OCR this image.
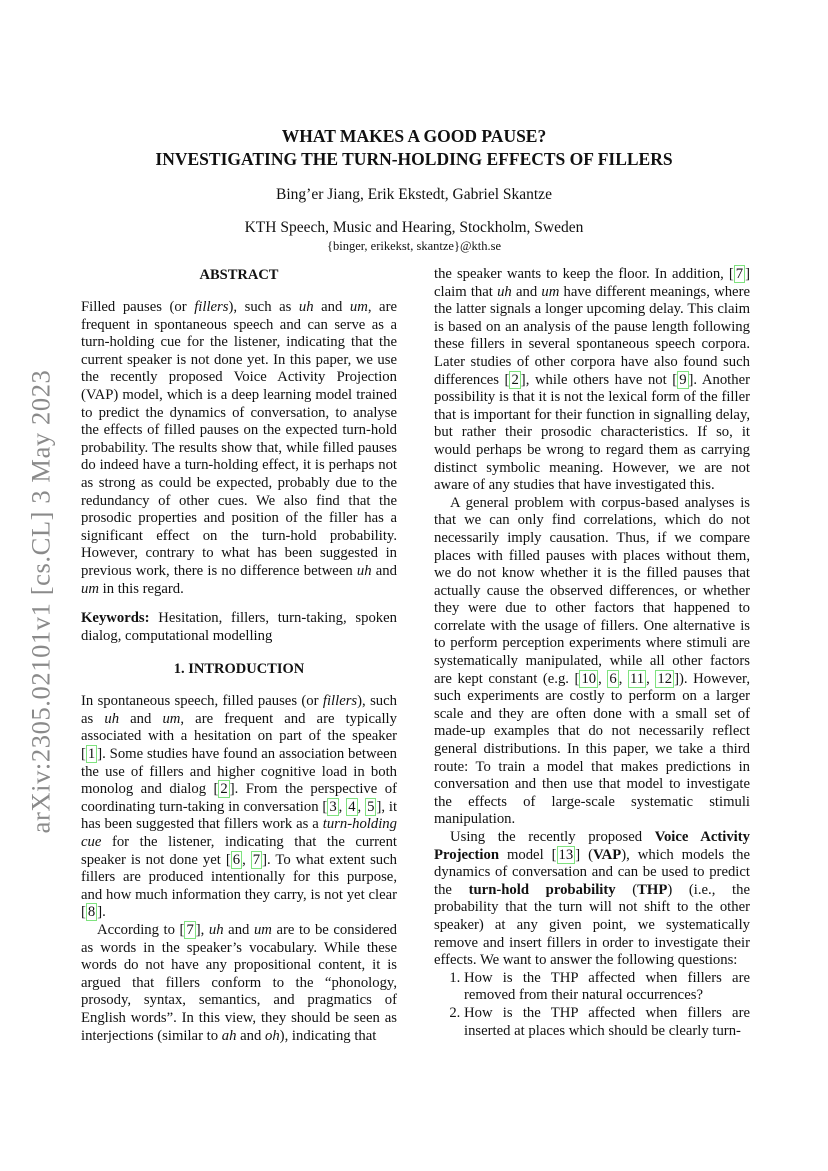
arXiv:2305.02101v1 [cs.CL] 3 May 2023
WHAT MAKES A GOOD PAUSE?
INVESTIGATING THE TURN-HOLDING EFFECTS OF FILLERS
Bing’er Jiang, Erik Ekstedt, Gabriel Skantze
KTH Speech, Music and Hearing, Stockholm, Sweden
{binger, erikekst, skantze}@kth.se
ABSTRACT

Filled pauses (or fillers), such as uh and um, are frequent in spontaneous speech and can serve as a turn-holding cue for the listener, indicating that the current speaker is not done yet. In this paper, we use the recently proposed Voice Activity Projection (VAP) model, which is a deep learning model trained to predict the dynamics of conversation, to analyse the effects of filled pauses on the expected turn-hold probability. The results show that, while filled pauses do indeed have a turn-holding effect, it is perhaps not as strong as could be expected, probably due to the redundancy of other cues. We also find that the prosodic properties and position of the filler has a significant effect on the turn-hold probability. However, contrary to what has been suggested in previous work, there is no difference between uh and um in this regard.

Keywords: Hesitation, fillers, turn-taking, spoken dialog, computational modelling

1. INTRODUCTION

In spontaneous speech, filled pauses (or fillers), such as uh and um, are frequent and are typically associated with a hesitation on part of the speaker [ 1 ]. Some studies have found an association between the use of fillers and higher cognitive load in both monolog and dialog [ 2 ]. From the perspective of coordinating turn-taking in conversation [ 3 , 4 , 5 ], it has been suggested that fillers work as a turn-holding cue for the listener, indicating that the current speaker is not done yet [ 6 , 7 ]. To what extent such fillers are produced intentionally for this purpose, and how much information they carry, is not yet clear [ 8 ].

According to [ 7 ], uh and um are to be considered as words in the speaker’s vocabulary. While these words do not have any propositional content, it is argued that fillers conform to the “phonology, prosody, syntax, semantics, and pragmatics of English words”. In this view, they should be seen as interjections (similar to ah and oh), indicating that

the speaker wants to keep the floor. In addition, [ 7 ] claim that uh and um have different meanings, where the latter signals a longer upcoming delay. This claim is based on an analysis of the pause length following these fillers in several spontaneous speech corpora. Later studies of other corpora have also found such differences [ 2 ], while others have not [ 9 ]. Another possibility is that it is not the lexical form of the filler that is important for their function in signalling delay, but rather their prosodic characteristics. If so, it would perhaps be wrong to regard them as carrying distinct symbolic meaning. However, we are not aware of any studies that have investigated this.

A general problem with corpus-based analyses is that we can only find correlations, which do not necessarily imply causation. Thus, if we compare places with filled pauses with places without them, we do not know whether it is the filled pauses that actually cause the observed differences, or whether they were due to other factors that happened to correlate with the usage of fillers. One alternative is to perform perception experiments where stimuli are systematically manipulated, while all other factors are kept constant (e.g. [ 10 , 6 , 11 , 12 ]). However, such experiments are costly to perform on a larger scale and they are often done with a small set of made-up examples that do not necessarily reflect general distributions. In this paper, we take a third route: To train a model that makes predictions in conversation and then use that model to investigate the effects of large-scale systematic stimuli manipulation.

Using the recently proposed Voice Activity Projection model [ 13 ] (VAP), which models the dynamics of conversation and can be used to predict the turn-hold probability (THP) (i.e., the probability that the turn will not shift to the other speaker) at any given point, we systematically remove and insert fillers in order to investigate their effects. We want to answer the following questions:

1. How is the THP affected when fillers are removed from their natural occurrences?
2. How is the THP affected when fillers are inserted at places which should be clearly turn-
